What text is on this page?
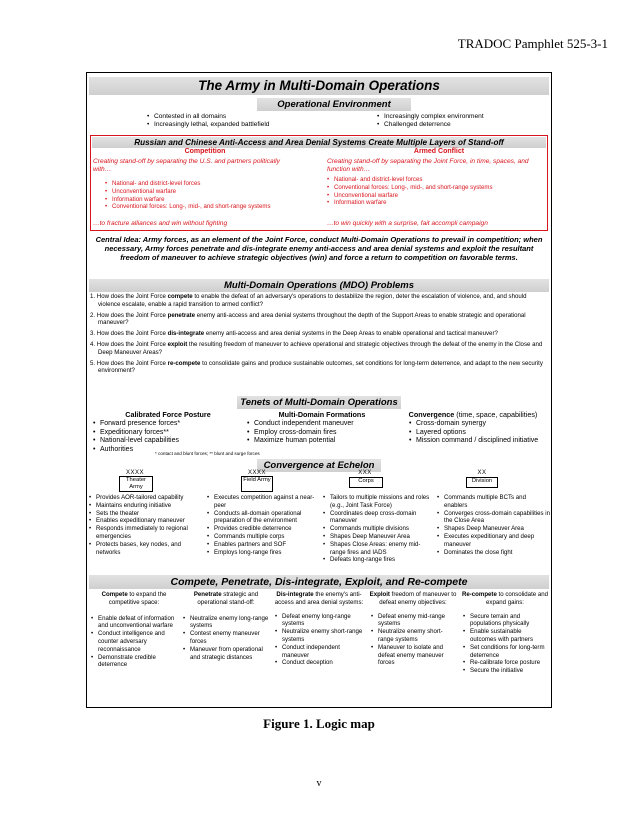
TRADOC Pamphlet 525-3-1
The Army in Multi-Domain Operations
Operational Environment
• Contested in all domains
• Increasingly lethal, expanded battlefield
• Increasingly complex environment
• Challenged deterrence
Russian and Chinese Anti-Access and Area Denial Systems Create Multiple Layers of Stand-off
Competition
Creating stand-off by separating the U.S. and partners politically with…
• National- and district-level forces
• Unconventional warfare
• Information warfare
• Conventional forces: Long-, mid-, and short-range systems
…to fracture alliances and win without fighting
Armed Conflict
Creating stand-off by separating the Joint Force, in time, spaces, and function with…
• National- and district-level forces
• Conventional forces: Long-, mid-, and short-range systems
• Unconventional warfare
• Information warfare
…to win quickly with a surprise, fait accompli campaign
Central Idea: Army forces, as an element of the Joint Force, conduct Multi-Domain Operations to prevail in competition; when necessary, Army forces penetrate and dis-integrate enemy anti-access and area denial systems and exploit the resultant freedom of maneuver to achieve strategic objectives (win) and force a return to competition on favorable terms.
Multi-Domain Operations (MDO) Problems
1. How does the Joint Force compete to enable the defeat of an adversary's operations to destabilize the region, deter the escalation of violence, and, and should violence escalate, enable a rapid transition to armed conflict?
2. How does the Joint Force penetrate enemy anti-access and area denial systems throughout the depth of the Support Areas to enable strategic and operational maneuver?
3. How does the Joint Force dis-integrate enemy anti-access and area denial systems in the Deep Areas to enable operational and tactical maneuver?
4. How does the Joint Force exploit the resulting freedom of maneuver to achieve operational and strategic objectives through the defeat of the enemy in the Close and Deep Maneuver Areas?
5. How does the Joint Force re-compete to consolidate gains and produce sustainable outcomes, set conditions for long-term deterrence, and adapt to the new security environment?
Tenets of Multi-Domain Operations
Calibrated Force Posture
• Forward presence forces*
• Expeditionary forces**
• National-level capabilities
• Authorities
* contact and blunt forces; ** blunt and surge forces
Multi-Domain Formations
• Conduct independent maneuver
• Employ cross-domain fires
• Maximize human potential
Convergence (time, space, capabilities)
• Cross-domain synergy
• Layered options
• Mission command / disciplined initiative
Convergence at Echelon
XXXX
Theater Army
XXXX
Field Army
XXX
Corps
XX
Division
• Provides AOR-tailored capability
• Maintains enduring initiative
• Sets the theater
• Enables expeditionary maneuver
• Responds immediately to regional emergencies
• Protects bases, key nodes, and networks
• Executes competition against a near-peer
• Conducts all-domain operational preparation of the environment
• Provides credible deterrence
• Commands multiple corps
• Enables partners and SOF
• Employs long-range fires
• Tailors to multiple missions and roles (e.g., Joint Task Force)
• Coordinates deep cross-domain maneuver
• Commands multiple divisions
• Shapes Deep Maneuver Area
• Shapes Close Areas: enemy mid-range fires and IADS
• Defeats long-range fires
• Commands multiple BCTs and enablers
• Converges cross-domain capabilities in the Close Area
• Shapes Deep Maneuver Area
• Executes expeditionary and deep maneuver
• Dominates the close fight
Compete, Penetrate, Dis-integrate, Exploit, and Re-compete
Compete to expand the competitive space:
• Enable defeat of information and unconventional warfare
• Conduct intelligence and counter adversary reconnaissance
• Demonstrate credible deterrence
Penetrate strategic and operational stand-off:
• Neutralize enemy long-range systems
• Contest enemy maneuver forces
• Maneuver from operational and strategic distances
Dis-integrate the enemy's anti-access and area denial systems:
• Defeat enemy long-range systems
• Neutralize enemy short-range systems
• Conduct independent maneuver
• Conduct deception
Exploit freedom of maneuver to defeat enemy objectives:
• Defeat enemy mid-range systems
• Neutralize enemy short-range systems
• Maneuver to isolate and defeat enemy maneuver forces
Re-compete to consolidate and expand gains:
• Secure terrain and populations physically
• Enable sustainable outcomes with partners
• Set conditions for long-term deterrence
• Re-calibrate force posture
• Secure the initiative
Figure 1. Logic map
v
